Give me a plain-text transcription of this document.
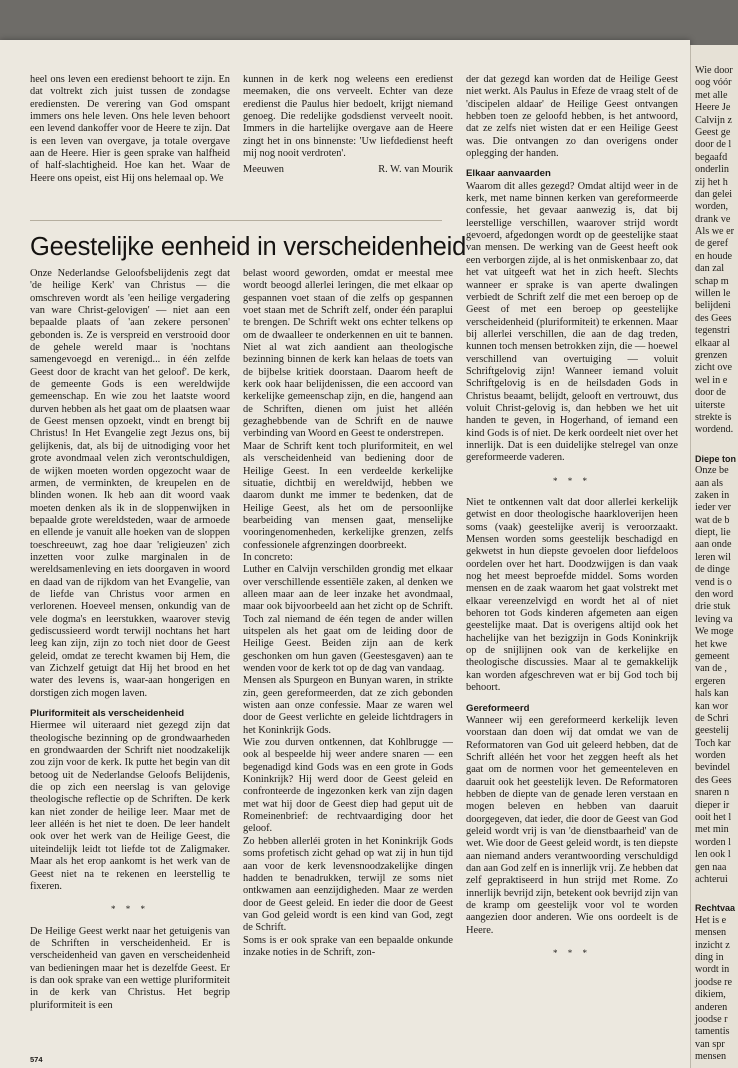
heel ons leven een eredienst behoort te zijn. En dat voltrekt zich juist tussen de zondagse erediensten. De verering van God omspant immers ons hele leven. Ons hele leven behoort een levend dankoffer voor de Heere te zijn. Dat is een leven van overgave, ja totale overgave aan de Heere. Hier is geen sprake van halfheid of half-slachtigheid. Hoe kan het. Waar de Heere ons opeist, eist Hij ons helemaal op. We

kunnen in de kerk nog weleens een eredienst meemaken, die ons verveelt. Echter van deze eredienst die Paulus hier bedoelt, krijgt niemand genoeg. Die redelijke godsdienst verveelt nooit. Immers in die hartelijke overgave aan de Heere zingt het in ons binnenste: 'Uw liefdedienst heeft mij nog nooit verdroten'.

Meeuwen	R. W. van Mourik

Geestelijke eenheid in verscheidenheid

Onze Nederlandse Geloofsbelijdenis zegt dat 'de heilige Kerk' van Christus — die omschreven wordt als 'een heilige vergadering van ware Christ-gelovigen' — niet aan een bepaalde plaats of 'aan zekere personen' gebonden is. Ze is verspreid en verstrooid door de gehele wereld maar is 'nochtans samengevoegd en verenigd... in één zelfde Geest door de kracht van het geloof'. De kerk, de gemeente Gods is een wereldwijde gemeenschap. En wie zou het laatste woord durven hebben als het gaat om de plaatsen waar de Geest mensen opzoekt, vindt en brengt bij Christus! In Het Evangelie zegt Jezus ons, bij gelijkenis, dat, als bij de uitnodiging voor het grote avondmaal velen zich verontschuldigen, de wijken moeten worden opgezocht waar de armen, de verminkten, de kreupelen en de blinden wonen. Ik heb aan dit woord vaak moeten denken als ik in de sloppenwijken in bepaalde grote wereldsteden, waar de armoede en ellende je vanuit alle hoeken van de sloppen toeschreeuwt, zag hoe daar 'religieuzen' zich inzetten voor zulke marginalen in de wereldsamenleving en iets doorgaven in woord en daad van de rijkdom van het Evangelie, van de liefde van Christus voor armen en verlorenen. Hoeveel mensen, onkundig van de vele dogma's en leerstukken, waarover stevig gediscussieerd wordt terwijl nochtans het hart leeg kan zijn, zijn zo toch niet door de Geest geleid, omdat ze terecht kwamen bij Hem, die van Zichzelf getuigt dat Hij het brood en het water des levens is, waar-aan hongerigen en dorstigen zich mogen laven.

Pluriformiteit als verscheidenheid

Hiermee wil uiteraard niet gezegd zijn dat theologische bezinning op de grondwaarheden en grondwaarden der Schrift niet noodzakelijk zou zijn voor de kerk. Ik putte het begin van dit betoog uit de Nederlandse Geloofs Belijdenis, die op zich een neerslag is van gelovige theologische reflectie op de Schriften. De kerk kan niet zonder de heilige leer. Maar met de leer alléén is het niet te doen. De leer handelt ook over het werk van de Heilige Geest, die uiteindelijk leidt tot liefde tot de Zaligmaker. Maar als het erop aankomt is het werk van de Geest niet na te rekenen en leerstellig te fixeren.

* * *

De Heilige Geest werkt naar het getuigenis van de Schriften in verscheidenheid. Er is verscheidenheid van gaven en verscheidenheid van bedieningen maar het is dezelfde Geest. Er is dan ook sprake van een wettige pluriformiteit in de kerk van Christus. Het begrip pluriformiteit is een

belast woord geworden, omdat er meestal mee wordt beoogd allerlei leringen, die met elkaar op gespannen voet staan of die zelfs op gespannen voet staan met de Schrift zelf, onder één paraplui te brengen. De Schrift wekt ons echter telkens op om de dwaalleer te onderkennen en uit te bannen. Niet al wat zich aandient aan theologische bezinning binnen de kerk kan helaas de toets van de bijbelse kritiek doorstaan. Daarom heeft de kerk ook haar belijdenissen, die een accoord van kerkelijke gemeenschap zijn, en die, hangend aan de Schriften, dienen om juist het alléén gezaghebbende van de Schrift en de nauwe verbinding van Woord en Geest te onderstrepen.

Maar de Schrift kent toch pluriformiteit, en wel als verscheidenheid van bediening door de Heilige Geest. In een verdeelde kerkelijke situatie, dichtbij en wereldwijd, hebben we daarom dunkt me immer te bedenken, dat de Heilige Geest, als het om de persoonlijke bearbeiding van mensen gaat, menselijke vooringenomenheden, kerkelijke grenzen, zelfs confessionele afgrenzingen doorbreekt.

In concreto:

Luther en Calvijn verschilden grondig met elkaar over verschillende essentiële zaken, al denken we alleen maar aan de leer inzake het avondmaal, maar ook bijvoorbeeld aan het zicht op de Schrift. Toch zal niemand de één tegen de ander willen uitspelen als het gaat om de leiding door de Heilige Geest. Beiden zijn aan de kerk geschonken om hun gaven (Geestesgaven) aan te wenden voor de kerk tot op de dag van vandaag.

Mensen als Spurgeon en Bunyan waren, in strikte zin, geen gereformeerden, dat ze zich gebonden wisten aan onze confessie. Maar ze waren wel door de Geest verlichte en geleide lichtdragers in het Koninkrijk Gods.

Wie zou durven ontkennen, dat Kohlbrugge — ook al bespeelde hij weer andere snaren — een begenadigd kind Gods was en een grote in Gods Koninkrijk? Hij werd door de Geest geleid en confronteerde de ingezonken kerk van zijn dagen met wat hij door de Geest diep had geput uit de Romeinenbrief: de rechtvaardiging door het geloof.

Zo hebben allerléi groten in het Koninkrijk Gods soms profetisch zicht gehad op wat zij in hun tijd aan voor de kerk levensnoodzakelijke dingen hadden te benadrukken, terwijl ze soms niet ontkwamen aan eenzijdigheden. Maar ze werden door de Geest geleid. En ieder die door de Geest van God geleid wordt is een kind van God, zegt de Schrift.

Soms is er ook sprake van een bepaalde onkunde inzake noties in de Schrift, zon-

der dat gezegd kan worden dat de Heilige Geest niet werkt. Als Paulus in Efeze de vraag stelt of de 'discipelen aldaar' de Heilige Geest ontvangen hebben toen ze geloofd hebben, is het antwoord, dat ze zelfs niet wisten dat er een Heilige Geest was. Die ontvangen zo dan overigens onder oplegging der handen.

Elkaar aanvaarden

Waarom dit alles gezegd? Omdat altijd weer in de kerk, met name binnen kerken van gereformeerde confessie, het gevaar aanwezig is, dat bij leerstellige verschillen, waarover strijd wordt gevoerd, afgedongen wordt op de geestelijke staat van mensen. De werking van de Geest heeft ook een verborgen zijde, al is het onmiskenbaar zo, dat het vat uitgeeft wat het in zich heeft. Slechts wanneer er sprake is van aperte dwalingen verbiedt de Schrift zelf die met een beroep op de Geest of met een beroep op geestelijke verscheidenheid (pluriformiteit) te erkennen. Maar bij allerlei verschillen, die aan de dag treden, kunnen toch mensen betrokken zijn, die — hoewel verschillend van overtuiging — voluit Schriftgelovig zijn! Wanneer iemand voluit Schriftgelovig is en de heilsdaden Gods in Christus beaamt, belijdt, gelooft en vertrouwt, dus voluit Christ-gelovig is, dan hebben we het uit handen te geven, in Hogerhand, of iemand een kind Gods is of niet. De kerk oordeelt niet over het innerlijk. Dat is een duidelijke stelregel van onze gereformeerde vaderen.

* * *

Niet te ontkennen valt dat door allerlei kerkelijk getwist en door theologische haarkloverijen heen soms (vaak) geestelijke averij is veroorzaakt. Mensen worden soms geestelijk beschadigd en gekwetst in hun diepste gevoelen door liefdeloos oordelen over het hart. Doodzwijgen is dan vaak nog het meest beproefde middel. Soms worden mensen en de zaak waarom het gaat volstrekt met elkaar vereenzelvigd en wordt het al of niet behoren tot Gods kinderen afgemeten aan eigen geestelijke maat. Dat is overigens altijd ook het hachelijke van het bezigzijn in Gods Koninkrijk op de snijlijnen ook van de kerkelijke en theologische discussies. Maar al te gemakkelijk kan worden afgeschreven wat er bij God toch bij behoort.

Gereformeerd

Wanneer wij een gereformeerd kerkelijk leven voorstaan dan doen wij dat omdat we van de Reformatoren van God uit geleerd hebben, dat de Schrift alléén het voor het zeggen heeft als het gaat om de normen voor het gemeenteleven en daaruit ook het geestelijk leven. De Reformatoren hebben de diepte van de genade leren verstaan en mogen beleven en hebben van daaruit doorgegeven, dat ieder, die door de Geest van God geleid wordt vrij is van 'de dienstbaarheid' van de wet. Wie door de Geest geleid wordt, is ten diepste aan niemand anders verantwoording verschuldigd dan aan God zelf en is innerlijk vrij. Ze hebben dat zelf gepraktiseerd in hun strijd met Rome. Zo innerlijk bevrijd zijn, betekent ook bevrijd zijn van de kramp om geestelijk voor vol te worden aangezien door anderen. Wie ons oordeelt is de Heere.

* * *

574
Wie door
oog vóór
met alle
Heere Je
Calvijn z
Geest ge
door de l
begaafd
onderlin
zij het h
dan gelei
worden,
drank ve
Als we er
de geref
en houde
dan zal
schap m
willen le
belijdeni
des Gees
tegenstri
elkaar al
grenzen
zicht ove
wel in e
door de
uiterste
strekte is
wordend.
Diepe ton
Onze be
aan als
zaken in
ieder ver
wat de b
diept, lie
aan onde
leren wil
de dinge
vend is o
den word
drie stuk
leving va
We moge
het kwe
gemeent
van de ,
ergeren
hals kan
kan wor
de Schri
geestelij
Toch kar
worden
bevindel
des Gees
snaren n
dieper ir
ooit het l
met min
worden l
len ook l
gen naa
achterui
Rechtvaa
Het is e
mensen
inzicht z
ding in
wordt in
joodse re
dikiem,
anderen
joodse r
tamentis
van spr
mensen
